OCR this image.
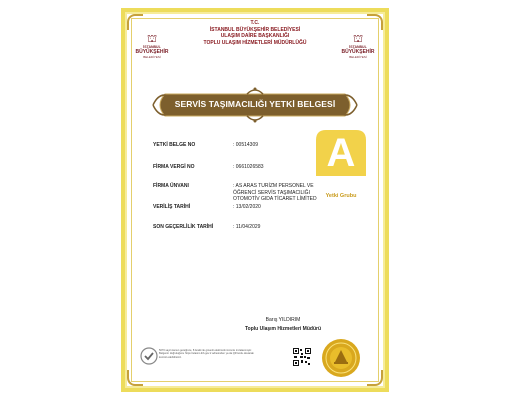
T.C.
İSTANBUL BÜYÜKŞEHİR BELEDİYESİ
ULAŞIM DAİRE BAŞKANLIĞI
TOPLU ULAŞIM HİZMETLERİ MÜDÜRLÜĞÜ
⛫
İSTANBUL
BÜYÜKŞEHİR
BELEDİYESİ
⛫
İSTANBUL
BÜYÜKŞEHİR
BELEDİYESİ
SERVİS TAŞIMACILIĞI YETKİ BELGESİ
YETKİ BELGE NO	: 00514309
FİRMA VERGİ NO	: 0661026583
FİRMA ÜNVANI	: AS ARAS TURİZM PERSONEL VE ÖĞRENCİ SERVİS TAŞIMACILIĞI OTOMOTİV GIDA TİCARET LİMİTED
VERİLİŞ TARİHİ	: 13/02/2020
SON GEÇERLİLİK TARİHİ	: 11/04/2029
A
Yetki Grubu
Barış YILDIRIM
Toplu Ulaşım Hizmetleri Müdürü
5070 sayılı kanun gereğince, 8 Aralık ile güvenli elektronik imza ile imzalanmıştır. Belgenin doğruluğunu https://ulasim.ibb.gov.tr adresinden ya da QR kodu okutarak kontrol edebilirsiniz.
